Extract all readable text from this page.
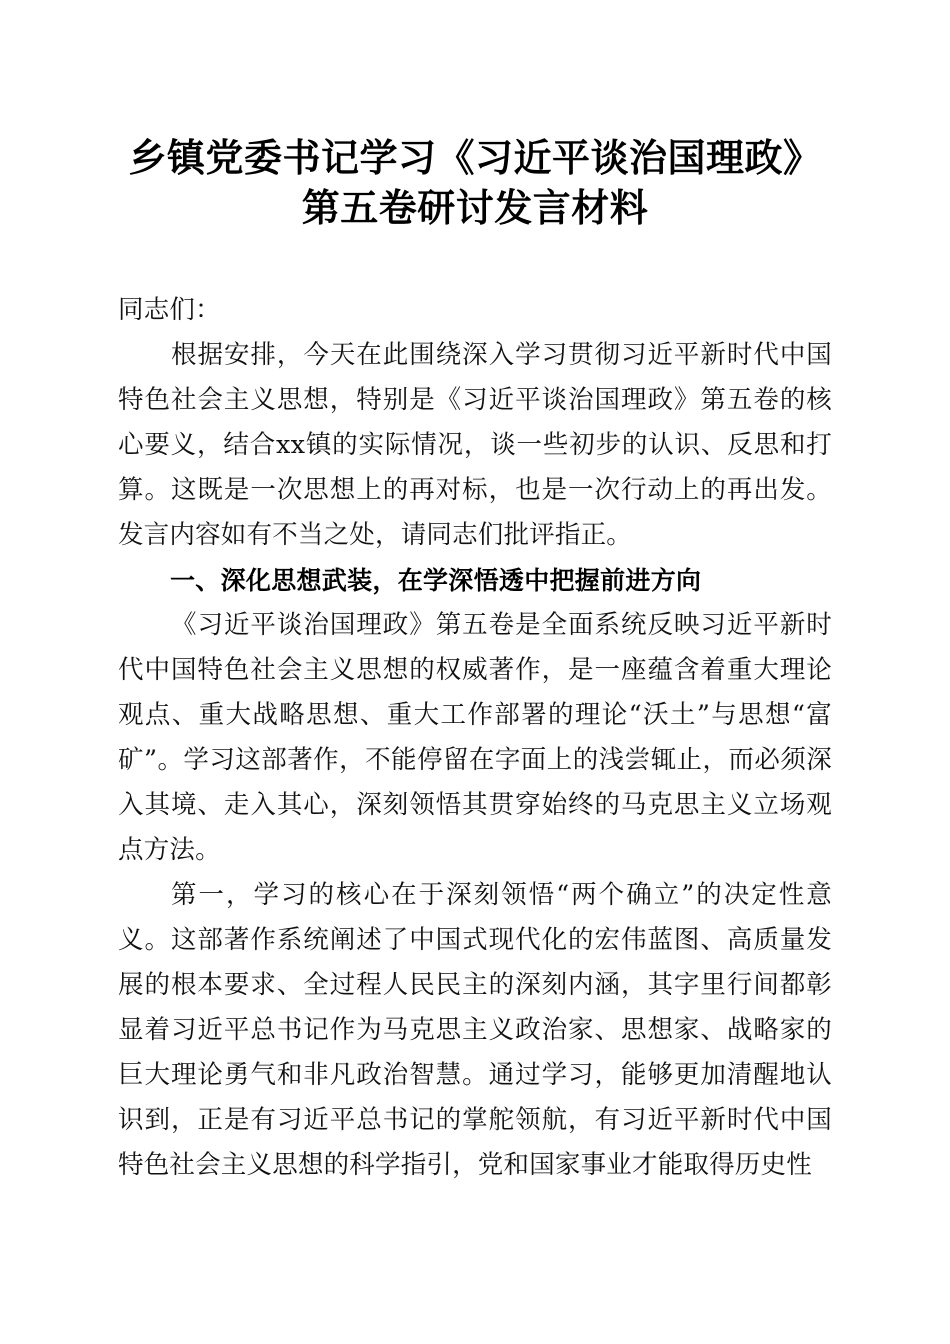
乡镇党委书记学习《习近平谈治国理政》第五卷研讨发言材料

同志们：

根据安排，今天在此围绕深入学习贯彻习近平新时代中国特色社会主义思想，特别是《习近平谈治国理政》第五卷的核心要义，结合xx镇的实际情况，谈一些初步的认识、反思和打算。这既是一次思想上的再对标，也是一次行动上的再出发。发言内容如有不当之处，请同志们批评指正。

一、深化思想武装，在学深悟透中把握前进方向

《习近平谈治国理政》第五卷是全面系统反映习近平新时代中国特色社会主义思想的权威著作，是一座蕴含着重大理论观点、重大战略思想、重大工作部署的理论“沃土”与思想“富矿”。学习这部著作，不能停留在字面上的浅尝辄止，而必须深入其境、走入其心，深刻领悟其贯穿始终的马克思主义立场观点方法。

第一，学习的核心在于深刻领悟“两个确立”的决定性意义。这部著作系统阐述了中国式现代化的宏伟蓝图、高质量发展的根本要求、全过程人民民主的深刻内涵，其字里行间都彰显着习近平总书记作为马克思主义政治家、思想家、战略家的巨大理论勇气和非凡政治智慧。通过学习，能够更加清醒地认识到，正是有习近平总书记的掌舵领航，有习近平新时代中国特色社会主义思想的科学指引，党和国家事业才能取得历史性
